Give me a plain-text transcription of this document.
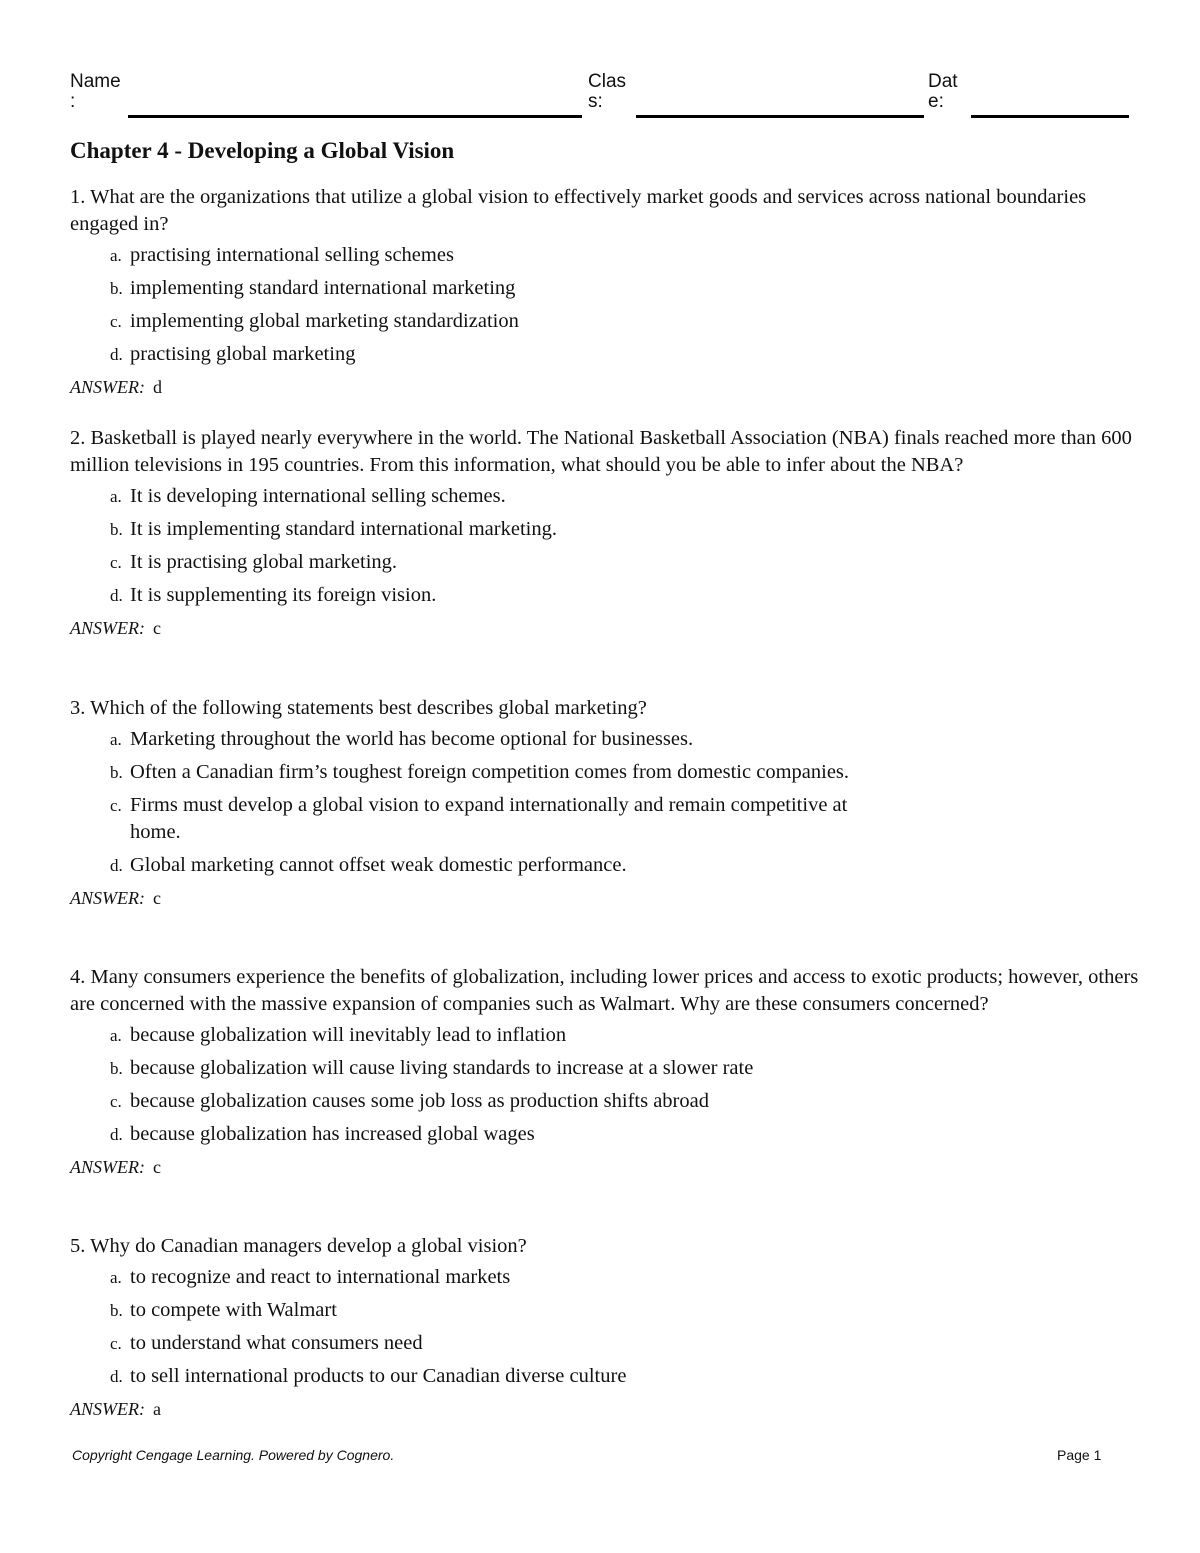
Name
:
Clas
s:
Dat
e:
Chapter 4 - Developing a Global Vision

1. What are the organizations that utilize a global vision to effectively market goods and services across national boundaries engaged in?

a. practising international selling schemes
b. implementing standard international marketing
c. implementing global marketing standardization
d. practising global marketing

ANSWER: d

2. Basketball is played nearly everywhere in the world. The National Basketball Association (NBA) finals reached more than 600 million televisions in 195 countries. From this information, what should you be able to infer about the NBA?

a. It is developing international selling schemes.
b. It is implementing standard international marketing.
c. It is practising global marketing.
d. It is supplementing its foreign vision.

ANSWER: c

3. Which of the following statements best describes global marketing?

a. Marketing throughout the world has become optional for businesses.
b. Often a Canadian firm’s toughest foreign competition comes from domestic companies.
c. Firms must develop a global vision to expand internationally and remain competitive at home.
d. Global marketing cannot offset weak domestic performance.

ANSWER: c

4. Many consumers experience the benefits of globalization, including lower prices and access to exotic products; however, others are concerned with the massive expansion of companies such as Walmart. Why are these consumers concerned?

a. because globalization will inevitably lead to inflation
b. because globalization will cause living standards to increase at a slower rate
c. because globalization causes some job loss as production shifts abroad
d. because globalization has increased global wages

ANSWER: c

5. Why do Canadian managers develop a global vision?

a. to recognize and react to international markets
b. to compete with Walmart
c. to understand what consumers need
d. to sell international products to our Canadian diverse culture

ANSWER: a

Copyright Cengage Learning. Powered by Cognero.	Page 1
